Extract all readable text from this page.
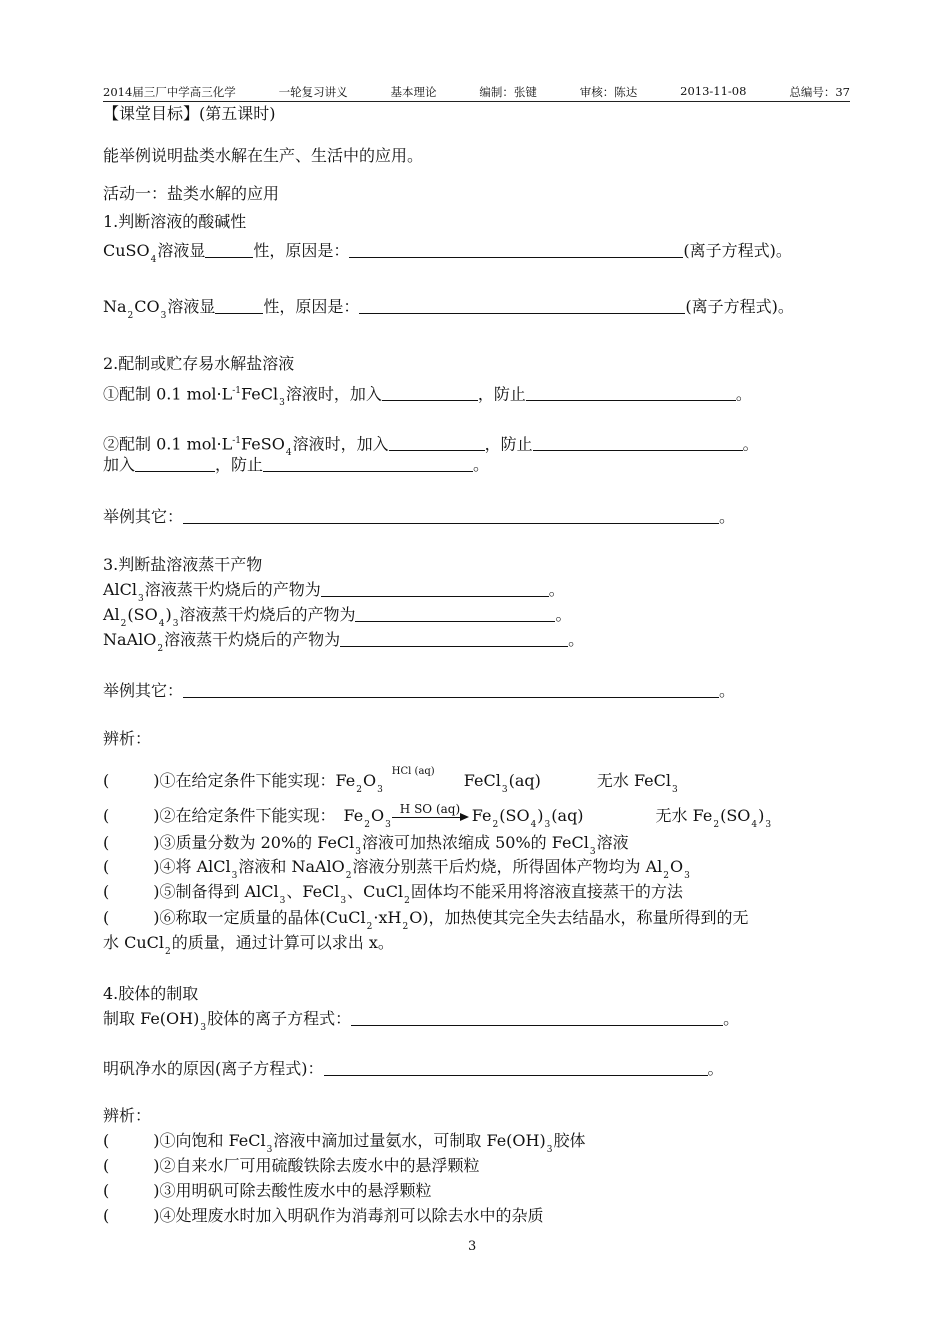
2014届三厂中学高三化学	一轮复习讲义	基本理论	编制：张键	审核：陈达	2013-11-08	总编号：37
【课堂目标】(第五课时)
能举例说明盐类水解在生产、生活中的应用。
活动一：盐类水解的应用
1.判断溶液的酸碱性
CuSO$_4$溶液显	性，原因是：	(离子方程式)。
$Na_2CO_3$溶液显	性，原因是：	(离子方程式)。
2.配制或贮存易水解盐溶液
①配制 0.1 $mol\cdot L^{-1}FeCl_3$溶液时，加入	，防止	。
②配制 0.1 $mol\cdot L^{-1}FeSO_4$溶液时，加入	，防止	。
加入	，防止	。
举例其它：	。
3.判断盐溶液蒸干产物
AlCl$_3$溶液蒸干灼烧后的产物为	。
$Al_2(SO_4)_3$溶液蒸干灼烧后的产物为	。
NaAlO$_2$溶液蒸干灼烧后的产物为	。
举例其它：	。
辨析：
(	)①在给定条件下能实现：$Fe_2O_3$
HCl (aq) FeCl$_3$(aq)	无水 FeCl$_3$
(	)②在给定条件下能实现： $Fe_2O_3$
H SO (aq) $Fe_2(SO_4)_3(aq)$	无水 $Fe_2(SO_4)_3$
(	)③质量分数为 20%的 FeCl$_3$溶液可加热浓缩成 50%的 FeCl$_3$溶液
(	)④将 AlCl$_3$溶液和 NaAlO$_2$溶液分别蒸干后灼烧，所得固体产物均为 $Al_2O_3$
(	)⑤制备得到 AlCl$_3$、FeCl$_3$、CuCl$_2$固体均不能采用将溶液直接蒸干的方法
(	)⑥称取一定质量的晶体$(CuCl_2\cdot xH_2O)$，加热使其完全失去结晶水，称量所得到的无
水 CuCl$_2$的质量，通过计算可以求出 x。
4.胶体的制取
制取 $Fe(OH)_3$胶体的离子方程式：	。
明矾净水的原因(离子方程式)：	。
辨析：
(	)①向饱和 FeCl$_3$溶液中滴加过量氨水，可制取 $Fe(OH)_3$胶体
(	)②自来水厂可用硫酸铁除去废水中的悬浮颗粒
(	)③用明矾可除去酸性废水中的悬浮颗粒
(	)④处理废水时加入明矾作为消毒剂可以除去水中的杂质
3
